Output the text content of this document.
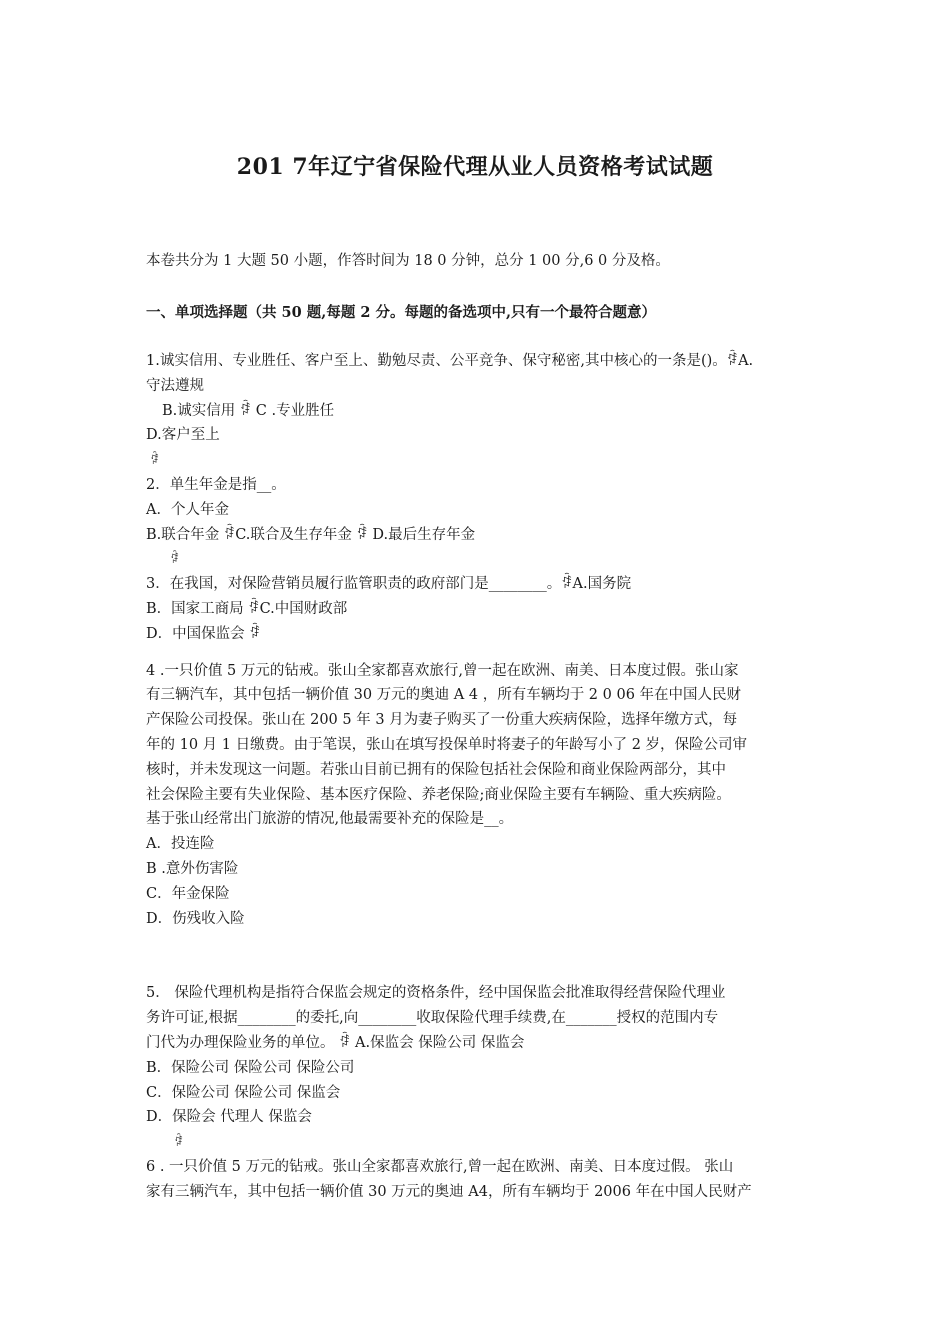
201 7年辽宁省保险代理从业人员资格考试试题
本卷共分为 1 大题 50 小题，作答时间为 18 0 分钟，总分 1 00 分,6 0 分及格。
一、单项选择题（共 50 题,每题 2 分。每题的备选项中,只有一个最符合题意）
1.诚实信用、专业胜任、客户至上、勤勉尽责、公平竞争、保守秘密,其中核心的一条是()。ꆄA.
守法遵规
B.诚实信用 ꆄ C .专业胜任
D.客户至上
ꆄ
2．单生年金是指__。
A．个人年金
B.联合年金 ꆄC.联合及生存年金 ꆄ D.最后生存年金
ꆄ
3．在我国，对保险营销员履行监管职责的政府部门是________。ꆄA.国务院
B．国家工商局 ꆄC.中国财政部
D．中国保监会 ꆄ
4 .一只价值 5 万元的钻戒。张山全家都喜欢旅行,曾一起在欧洲、南美、日本度过假。张山家
有三辆汽车，其中包括一辆价值 30 万元的奥迪 A 4 ，所有车辆均于 2 0 06 年在中国人民财
产保险公司投保。张山在 200 5 年 3 月为妻子购买了一份重大疾病保险，选择年缴方式，每
年的 10 月 1 日缴费。由于笔误，张山在填写投保单时将妻子的年龄写小了 2 岁，保险公司审
核时，并未发现这一问题。若张山目前已拥有的保险包括社会保险和商业保险两部分，其中
社会保险主要有失业保险、基本医疗保险、养老保险;商业保险主要有车辆险、重大疾病险。
基于张山经常出门旅游的情况,他最需要补充的保险是__。
A．投连险
B .意外伤害险
C．年金保险
D．伤残收入险
5． 保险代理机构是指符合保监会规定的资格条件，经中国保监会批准取得经营保险代理业
务许可证,根据________的委托,向________收取保险代理手续费,在_______授权的范围内专
门代为办理保险业务的单位。 ꆄ A.保监会 保险公司 保监会
B．保险公司 保险公司 保险公司
C．保险公司 保险公司 保监会
D．保险会 代理人 保监会
ꆄ
6 . 一只价值 5 万元的钻戒。张山全家都喜欢旅行,曾一起在欧洲、南美、日本度过假。 张山
家有三辆汽车，其中包括一辆价值 30 万元的奥迪 A4，所有车辆均于 2006 年在中国人民财产
